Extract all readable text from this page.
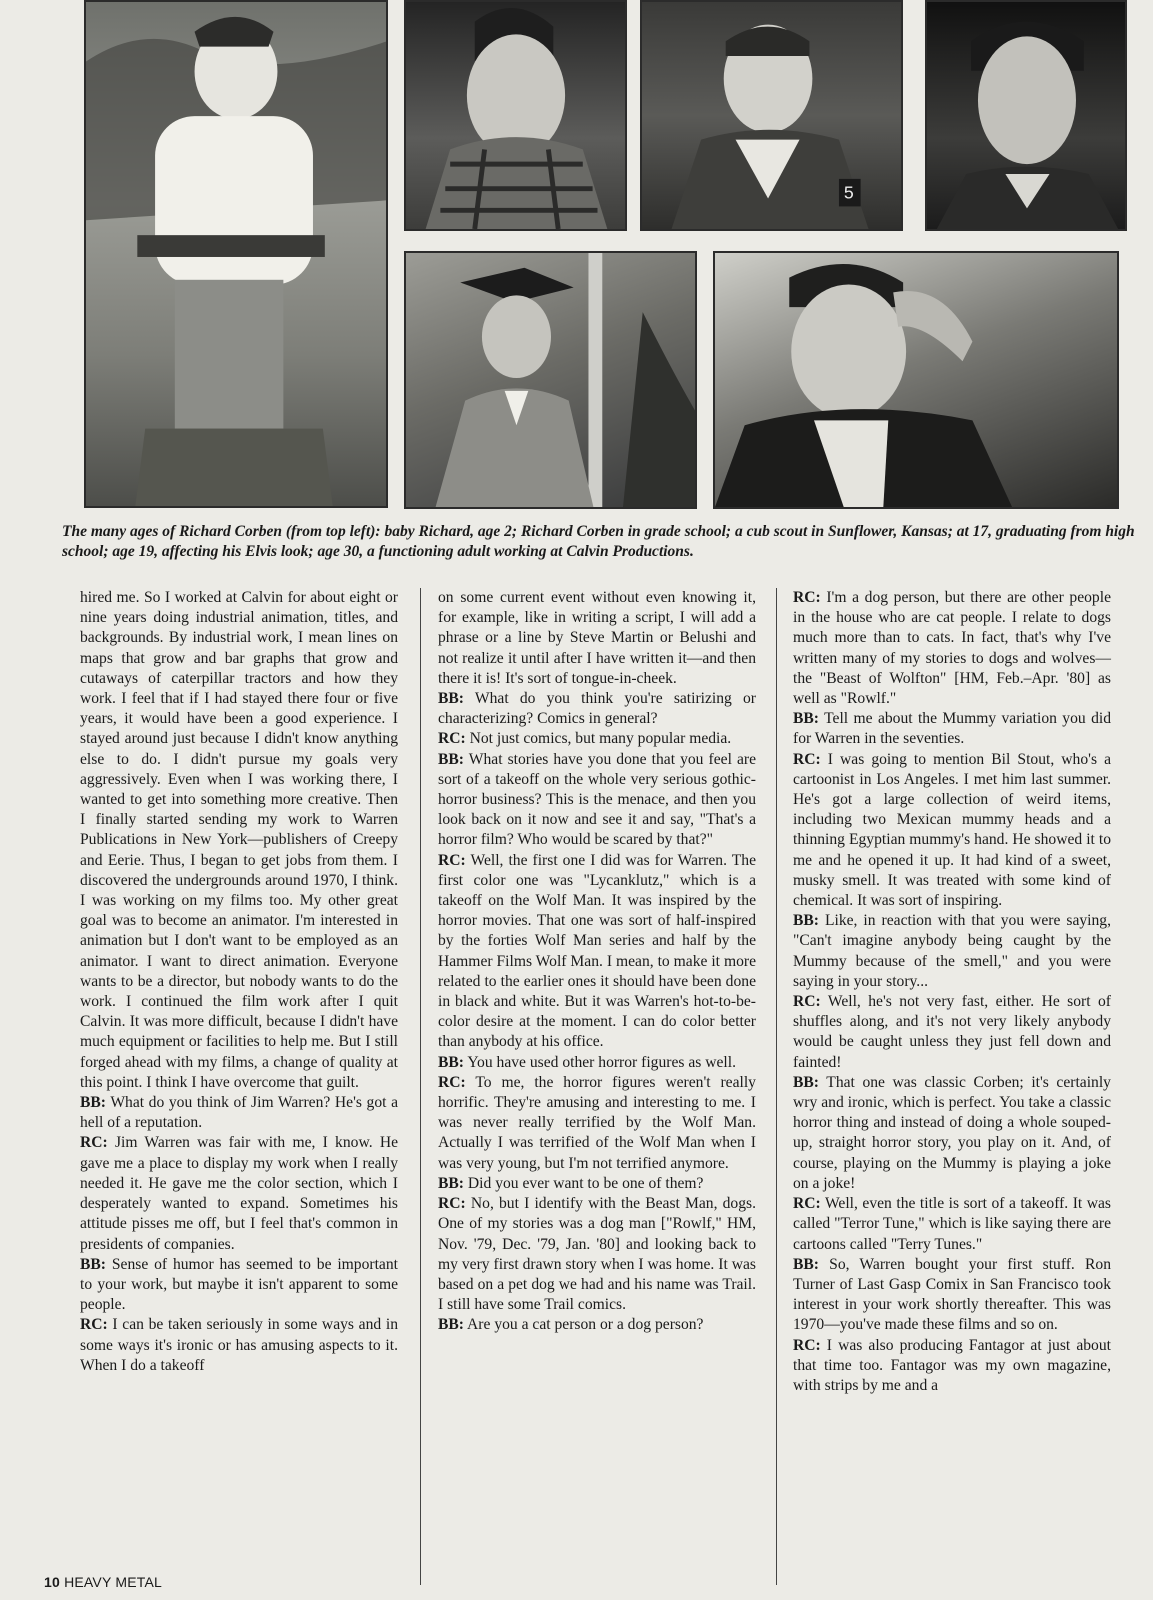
5

The many ages of Richard Corben (from top left): baby Richard, age 2; Richard Corben in grade school; a cub scout in Sunflower, Kansas; at 17, graduating from high school; age 19, affecting his Elvis look; age 30, a functioning adult working at Calvin Productions.

hired me. So I worked at Calvin for about eight or nine years doing industrial animation, titles, and backgrounds. By industrial work, I mean lines on maps that grow and bar graphs that grow and cutaways of caterpillar tractors and how they work. I feel that if I had stayed there four or five years, it would have been a good experience. I stayed around just because I didn't know anything else to do. I didn't pursue my goals very aggressively. Even when I was working there, I wanted to get into something more creative. Then I finally started sending my work to Warren Publications in New York—publishers of Creepy and Eerie. Thus, I began to get jobs from them. I discovered the undergrounds around 1970, I think. I was working on my films too. My other great goal was to become an animator. I'm interested in animation but I don't want to be employed as an animator. I want to direct animation. Everyone wants to be a director, but nobody wants to do the work. I continued the film work after I quit Calvin. It was more difficult, because I didn't have much equipment or facilities to help me. But I still forged ahead with my films, a change of quality at this point. I think I have overcome that guilt.

BB: What do you think of Jim Warren? He's got a hell of a reputation.

RC: Jim Warren was fair with me, I know. He gave me a place to display my work when I really needed it. He gave me the color section, which I desperately wanted to expand. Sometimes his attitude pisses me off, but I feel that's common in presidents of companies.

BB: Sense of humor has seemed to be important to your work, but maybe it isn't apparent to some people.

RC: I can be taken seriously in some ways and in some ways it's ironic or has amusing aspects to it. When I do a takeoff

on some current event without even knowing it, for example, like in writing a script, I will add a phrase or a line by Steve Martin or Belushi and not realize it until after I have written it—and then there it is! It's sort of tongue-in-cheek.

BB: What do you think you're satirizing or characterizing? Comics in general?

RC: Not just comics, but many popular media.

BB: What stories have you done that you feel are sort of a takeoff on the whole very serious gothic-horror business? This is the menace, and then you look back on it now and see it and say, "That's a horror film? Who would be scared by that?"

RC: Well, the first one I did was for Warren. The first color one was "Lycanklutz," which is a takeoff on the Wolf Man. It was inspired by the horror movies. That one was sort of half-inspired by the forties Wolf Man series and half by the Hammer Films Wolf Man. I mean, to make it more related to the earlier ones it should have been done in black and white. But it was Warren's hot-to-be-color desire at the moment. I can do color better than anybody at his office.

BB: You have used other horror figures as well.

RC: To me, the horror figures weren't really horrific. They're amusing and interesting to me. I was never really terrified by the Wolf Man. Actually I was terrified of the Wolf Man when I was very young, but I'm not terrified anymore.

BB: Did you ever want to be one of them?

RC: No, but I identify with the Beast Man, dogs. One of my stories was a dog man ["Rowlf," HM, Nov. '79, Dec. '79, Jan. '80] and looking back to my very first drawn story when I was home. It was based on a pet dog we had and his name was Trail. I still have some Trail comics.

BB: Are you a cat person or a dog person?

RC: I'm a dog person, but there are other people in the house who are cat people. I relate to dogs much more than to cats. In fact, that's why I've written many of my stories to dogs and wolves—the "Beast of Wolfton" [HM, Feb.–Apr. '80] as well as "Rowlf."

BB: Tell me about the Mummy variation you did for Warren in the seventies.

RC: I was going to mention Bil Stout, who's a cartoonist in Los Angeles. I met him last summer. He's got a large collection of weird items, including two Mexican mummy heads and a thinning Egyptian mummy's hand. He showed it to me and he opened it up. It had kind of a sweet, musky smell. It was treated with some kind of chemical. It was sort of inspiring.

BB: Like, in reaction with that you were saying, "Can't imagine anybody being caught by the Mummy because of the smell," and you were saying in your story...

RC: Well, he's not very fast, either. He sort of shuffles along, and it's not very likely anybody would be caught unless they just fell down and fainted!

BB: That one was classic Corben; it's certainly wry and ironic, which is perfect. You take a classic horror thing and instead of doing a whole souped-up, straight horror story, you play on it. And, of course, playing on the Mummy is playing a joke on a joke!

RC: Well, even the title is sort of a takeoff. It was called "Terror Tune," which is like saying there are cartoons called "Terry Tunes."

BB: So, Warren bought your first stuff. Ron Turner of Last Gasp Comix in San Francisco took interest in your work shortly thereafter. This was 1970—you've made these films and so on.

RC: I was also producing Fantagor at just about that time too. Fantagor was my own magazine, with strips by me and a

10 HEAVY METAL
